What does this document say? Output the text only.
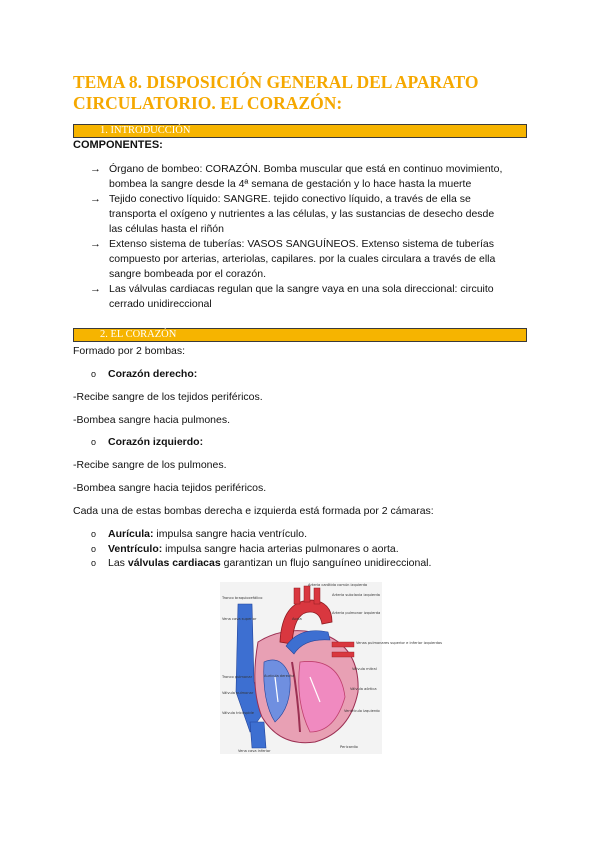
TEMA 8. DISPOSICIÓN GENERAL DEL APARATO
CIRCULATORIO. EL CORAZÓN:
1. INTRODUCCIÓN

COMPONENTES:

→ Órgano de bombeo: CORAZÓN. Bomba muscular que está en continuo movimiento,
bombea la sangre desde la 4ª semana de gestación y lo hace hasta la muerte
→ Tejido conectivo líquido: SANGRE. tejido conectivo líquido, a través de ella se
transporta el oxígeno y nutrientes a las células, y las sustancias de desecho desde
las células hasta el riñón
→ Extenso sistema de tuberías: VASOS SANGUÍNEOS. Extenso sistema de tuberías
compuesto por arterias, arteriolas, capilares. por la cuales circulara a través de ella
sangre bombeada por el corazón.
→ Las válvulas cardiacas regulan que la sangre vaya en una sola direccional: circuito
cerrado unidireccional
2. EL CORAZÓN

Formado por 2 bombas:

o Corazón derecho:

-Recibe sangre de los tejidos periféricos.

-Bombea sangre hacia pulmones.

o Corazón izquierdo:

-Recibe sangre de los pulmones.

-Bombea sangre hacia tejidos periféricos.

Cada una de estas bombas derecha e izquierda está formada por 2 cámaras:

o Aurícula: impulsa sangre hacia ventrículo.

o Ventrículo: impulsa sangre hacia arterias pulmonares o aorta.

o Las válvulas cardiacas garantizan un flujo sanguíneo unidireccional.

Arteria carótida común izquierda
Tronco braquiocefálico
Arteria subclavia izquierda
Vena cava superior	Aorta
Arteria pulmonar izquierda
Venas pulmonares superior e inferior izquierdas
Tronco pulmonar	Aurícula derecha
Válvula mitral
Válvula pulmonar
Válvula aórtica
Válvula tricúspide	Ventrículo izquierdo
Vena cava inferior
Pericardio
